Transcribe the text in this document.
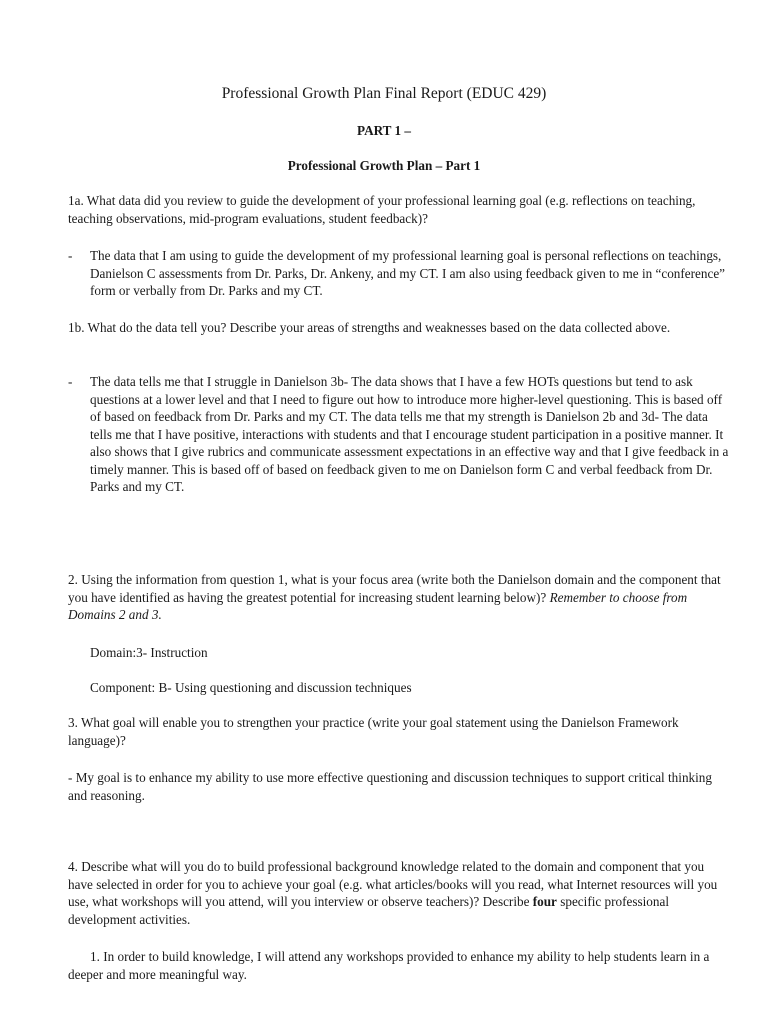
Professional Growth Plan Final Report (EDUC 429)
PART 1 –
Professional Growth Plan – Part 1

1a. What data did you review to guide the development of your professional learning goal (e.g. reflections on teaching, teaching observations, mid-program evaluations, student feedback)?

- The data that I am using to guide the development of my professional learning goal is personal reflections on teachings, Danielson C assessments from Dr. Parks, Dr. Ankeny, and my CT. I am also using feedback given to me in “conference” form or verbally from Dr. Parks and my CT.

1b. What do the data tell you? Describe your areas of strengths and weaknesses based on the data collected above.

- The data tells me that I struggle in Danielson 3b- The data shows that I have a few HOTs questions but tend to ask questions at a lower level and that I need to figure out how to introduce more higher-level questioning. This is based off of based on feedback from Dr. Parks and my CT. The data tells me that my strength is Danielson 2b and 3d- The data tells me that I have positive, interactions with students and that I encourage student participation in a positive manner. It also shows that I give rubrics and communicate assessment expectations in an effective way and that I give feedback in a timely manner. This is based off of based on feedback given to me on Danielson form C and verbal feedback from Dr. Parks and my CT.
2. Using the information from question 1, what is your focus area (write both the Danielson domain and the component that you have identified as having the greatest potential for increasing student learning below)? Remember to choose from Domains 2 and 3.
Domain:3- Instruction
Component: B- Using questioning and discussion techniques

3. What goal will enable you to strengthen your practice (write your goal statement using the Danielson Framework language)?

- My goal is to enhance my ability to use more effective questioning and discussion techniques to support critical thinking and reasoning.

4. Describe what will you do to build professional background knowledge related to the domain and component that you have selected in order for you to achieve your goal (e.g. what articles/books will you read, what Internet resources will you use, what workshops will you attend, will you interview or observe teachers)? Describe four specific professional development activities.

1. In order to build knowledge, I will attend any workshops provided to enhance my ability to help students learn in a deeper and more meaningful way.
